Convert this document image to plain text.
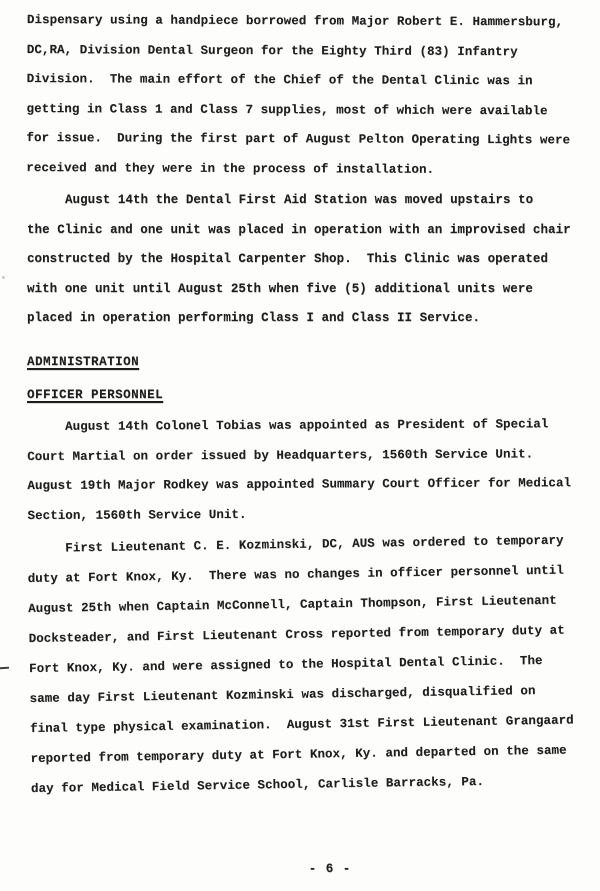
Dispensary using a handpiece borrowed from Major Robert E. Hammersburg,
DC,RA, Division Dental Surgeon for the Eighty Third (83) Infantry
Division.  The main effort of the Chief of the Dental Clinic was in
getting in Class 1 and Class 7 supplies, most of which were available
for issue.  During the first part of August Pelton Operating Lights were
received and they were in the process of installation.
August 14th the Dental First Aid Station was moved upstairs to
the Clinic and one unit was placed in operation with an improvised chair
constructed by the Hospital Carpenter Shop.  This Clinic was operated
with one unit until August 25th when five (5) additional units were
placed in operation performing Class I and Class II Service.
ADMINISTRATION
OFFICER PERSONNEL
August 14th Colonel Tobias was appointed as President of Special
Court Martial on order issued by Headquarters, 1560th Service Unit.
August 19th Major Rodkey was appointed Summary Court Officer for Medical
Section, 1560th Service Unit.
First Lieutenant C. E. Kozminski, DC, AUS was ordered to temporary
duty at Fort Knox, Ky.  There was no changes in officer personnel until
August 25th when Captain McConnell, Captain Thompson, First Lieutenant
Docksteader, and First Lieutenant Cross reported from temporary duty at
Fort Knox, Ky. and were assigned to the Hospital Dental Clinic.  The
same day First Lieutenant Kozminski was discharged, disqualified on
final type physical examination.  August 31st First Lieutenant Grangaard
reported from temporary duty at Fort Knox, Ky. and departed on the same
day for Medical Field Service School, Carlisle Barracks, Pa.
- 6 -
